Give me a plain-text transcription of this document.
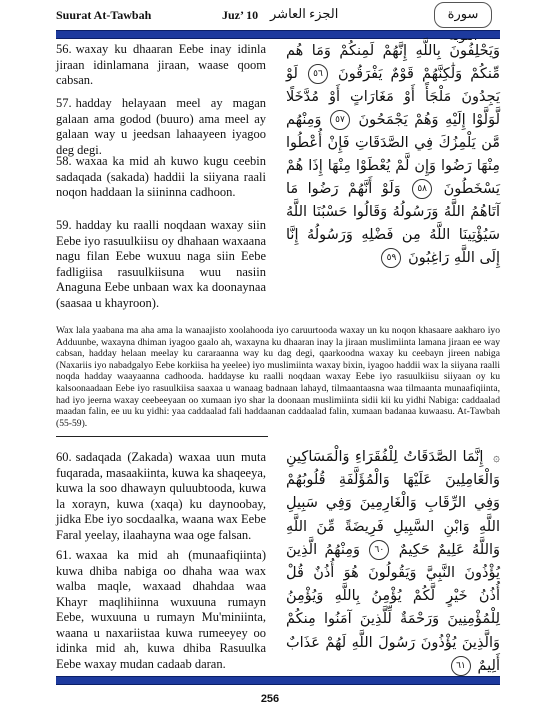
Suurat At-Tawbah	Juz’ 10 الجزء العاشر	سورة
56. waxay ku dhaaran Eebe inay idinla jiraan idinlamana jiraan, waase qoom cabsan.
57. hadday helayaan meel ay magan galaan ama godod (buuro) ama meel ay galaan way u jeedsan lahaayeen iyagoo deg degi.
58. waxaa ka mid ah kuwo kugu ceebin sadaqada (sakada) haddii la siiyana raali noqon haddaan la siininna cadhoon.
59. hadday ku raalli noqdaan waxay siin Eebe iyo rasuulkiisu oy dhahaan waxaana nagu filan Eebe wuxuu naga siin Eebe fadligiisa rasuulkiisuna wuu nasiin Anaguna Eebe unbaan wax ka doonaynaa (saasaa u khayroon).
وَيَحْلِفُونَ بِاللَّهِ إِنَّهُمْ لَمِنكُمْ وَمَا هُم مِّنكُمْ وَلَٰكِنَّهُمْ قَوْمٌ يَفْرَقُونَ ٥٦ لَوْ يَجِدُونَ مَلْجَأً أَوْ مَغَارَاتٍ أَوْ مُدَّخَلًا لَّوَلَّوْا إِلَيْهِ وَهُمْ يَجْمَحُونَ ٥٧ وَمِنْهُم مَّن يَلْمِزُكَ فِي الصَّدَقَاتِ فَإِنْ أُعْطُوا مِنْهَا رَضُوا وَإِن لَّمْ يُعْطَوْا مِنْهَا إِذَا هُمْ يَسْخَطُونَ ٥٨ وَلَوْ أَنَّهُمْ رَضُوا مَا آتَاهُمُ اللَّهُ وَرَسُولُهُ وَقَالُوا حَسْبُنَا اللَّهُ سَيُؤْتِينَا اللَّهُ مِن فَضْلِهِ وَرَسُولُهُ إِنَّا إِلَى اللَّهِ رَاغِبُونَ ٥٩
Wax lala yaabana ma aha ama la wanaajisto xoolahooda iyo caruurtooda waxay un ku noqon khasaare aakharo iyo Adduunbe, waxayna dhiman iyagoo gaalo ah, waxayna ku dhaaran inay la jiraan muslimiinta lamana jiraan ee way cabsan, hadday helaan meelay ku cararaanna way ku dag degi, qaarkoodna waxay ku ceebayn jireen nabiga (Naxariis iyo nabadgalyo Eebe korkiisa ha yeelee) iyo muslimiinta waxay bixin, iyagoo haddii wax la siiyana raalli noqda hadday waayaanna cadhooda. haddayse ku raalli noqdaan waxay Eebe iyo rasuulkiisu siiyaan oy ku kalsoonaadaan Eebe iyo rasuulkiisa saaxaa u wanaag badnaan lahayd, tilmaantaasna waa tilmaanta munaafiqiinta, had iyo jeerna waxay ceebeeyaan oo xumaan iyo shar la doonaan muslimiinta sidii kii ku yidhi Nabiga: caddaalad maadan falin, ee uu ku yidhi: yaa caddaalad fali haddaanan caddaalad falin, xumaan badanaa kuwaasu. At-Tawbah (55-59).
60. sadaqada (Zakada) waxaa uun muta fuqarada, masaakiinta, kuwa ka shaqeeya, kuwa la soo dhawayn quluubtooda, kuwa la xorayn, kuwa (xaqa) ku daynoobay, jidka Ebe iyo socdaalka, waana wax Eebe Faral yeelay, ilaahayna waa oge falsan.
61. waxaa ka mid ah (munaafiqiinta) kuwa dhiba nabiga oo dhaha waa wax walba maqle, waxaad dhahdaa waa Khayr maqlihiinna wuxuuna rumayn Eebe, wuxuuna u rumayn Mu'miniinta, waana u naxariistaa kuwa rumeeyey oo idinka mid ah, kuwa dhiba Rasuulka Eebe waxay mudan cadaab daran.
۞ إِنَّمَا الصَّدَقَاتُ لِلْفُقَرَاءِ وَالْمَسَاكِينِ وَالْعَامِلِينَ عَلَيْهَا وَالْمُؤَلَّفَةِ قُلُوبُهُمْ وَفِي الرِّقَابِ وَالْغَارِمِينَ وَفِي سَبِيلِ اللَّهِ وَابْنِ السَّبِيلِ فَرِيضَةً مِّنَ اللَّهِ وَاللَّهُ عَلِيمٌ حَكِيمٌ ٦٠ وَمِنْهُمُ الَّذِينَ يُؤْذُونَ النَّبِيَّ وَيَقُولُونَ هُوَ أُذُنٌ قُلْ أُذُنُ خَيْرٍ لَّكُمْ يُؤْمِنُ بِاللَّهِ وَيُؤْمِنُ لِلْمُؤْمِنِينَ وَرَحْمَةٌ لِّلَّذِينَ آمَنُوا مِنكُمْ وَالَّذِينَ يُؤْذُونَ رَسُولَ اللَّهِ لَهُمْ عَذَابٌ أَلِيمٌ ٦١
256
